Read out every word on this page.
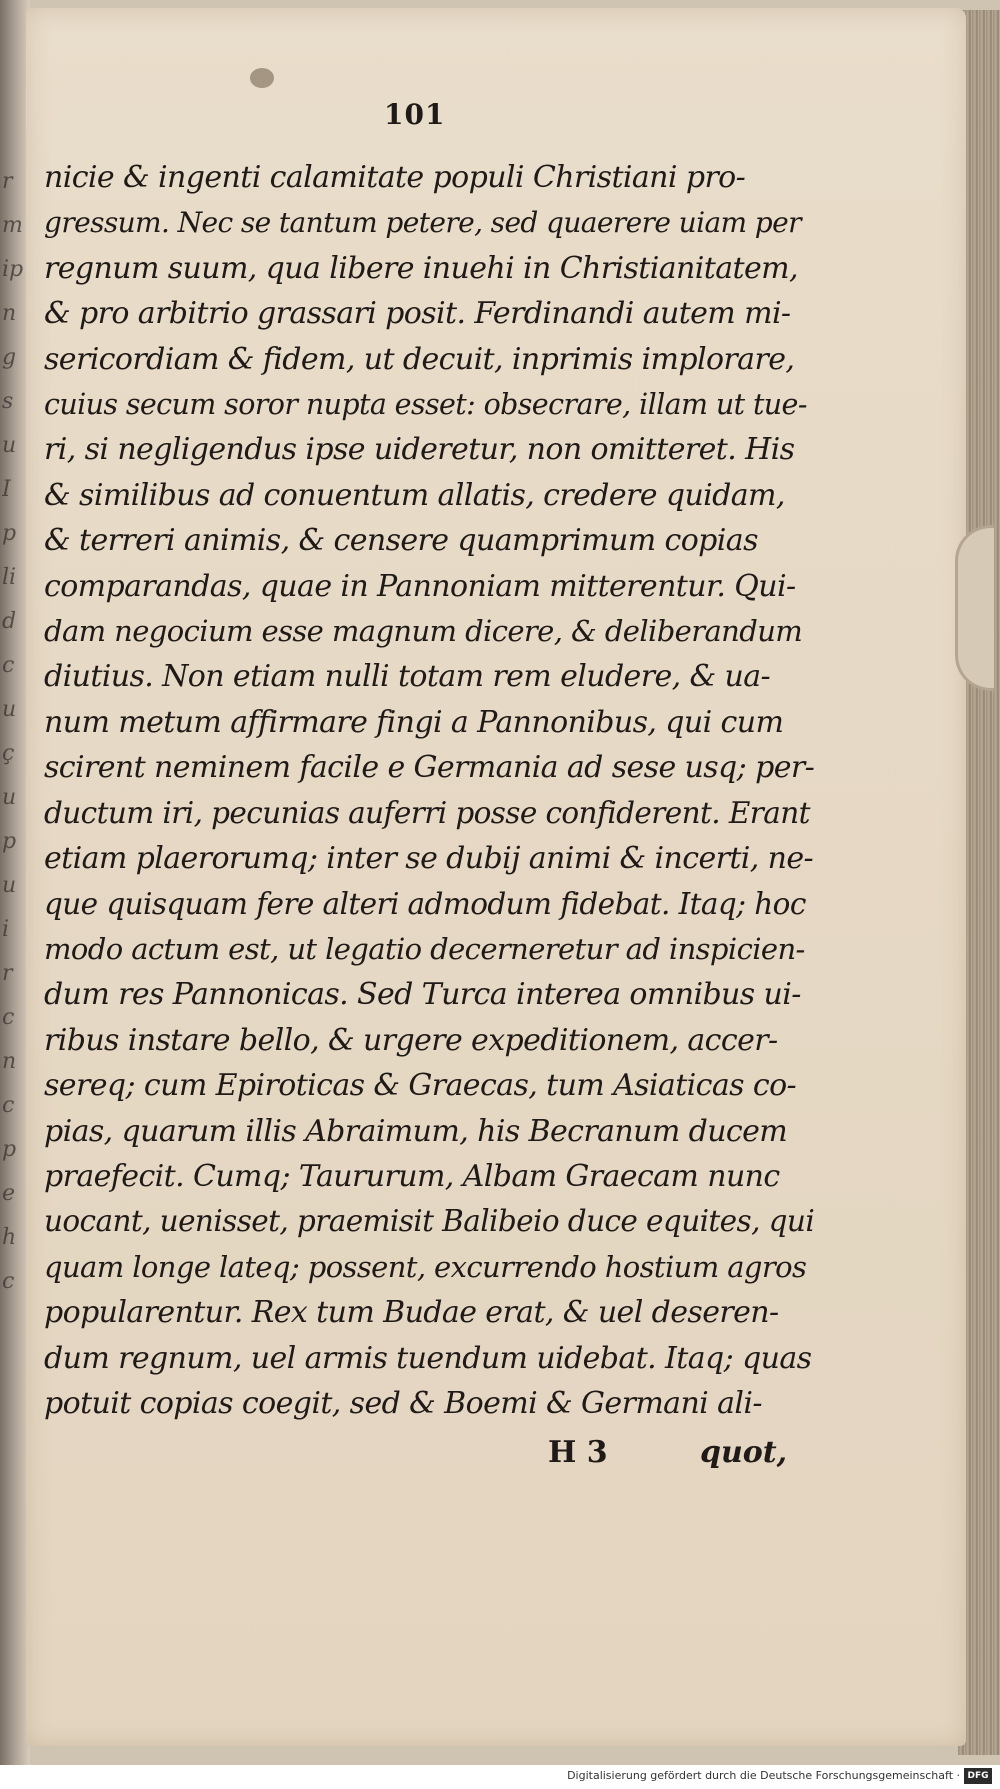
r
m
ip
n
g
s
u
I
p
li
d
c
u
ç
u
p
u
i
r
c
n
c
p
e
h
c
101
nicie & ingenti calamitate populi Christiani pro-
gressum. Nec se tantum petere, sed quaerere uiam per
regnum suum, qua libere inuehi in Christianitatem,
& pro arbitrio grassari posit. Ferdinandi autem mi-
sericordiam & fidem, ut decuit, inprimis implorare,
cuius secum soror nupta esset: obsecrare, illam ut tue-
ri, si negligendus ipse uideretur, non omitteret. His
& similibus ad conuentum allatis, credere quidam,
& terreri animis, & censere quamprimum copias
comparandas, quae in Pannoniam mitterentur. Qui-
dam negocium esse magnum dicere, & deliberandum
diutius. Non etiam nulli totam rem eludere, & ua-
num metum affirmare fingi a Pannonibus, qui cum
scirent neminem facile e Germania ad sese usq; per-
ductum iri, pecunias auferri posse confiderent. Erant
etiam plaerorumq; inter se dubij animi & incerti, ne-
que quisquam fere alteri admodum fidebat. Itaq; hoc
modo actum est, ut legatio decerneretur ad inspicien-
dum res Pannonicas. Sed Turca interea omnibus ui-
ribus instare bello, & urgere expeditionem, accer-
sereq; cum Epiroticas & Graecas, tum Asiaticas co-
pias, quarum illis Abraimum, his Becranum ducem
praefecit. Cumq; Taururum, Albam Graecam nunc
uocant, uenisset, praemisit Balibeio duce equites, qui
quam longe lateq; possent, excurrendo hostium agros
popularentur. Rex tum Budae erat, & uel deseren-
dum regnum, uel armis tuendum uidebat. Itaq; quas
potuit copias coegit, sed & Boemi & Germani ali-
H 3	quot,
Digitalisierung gefördert durch die Deutsche Forschungsgemeinschaft · DFG
